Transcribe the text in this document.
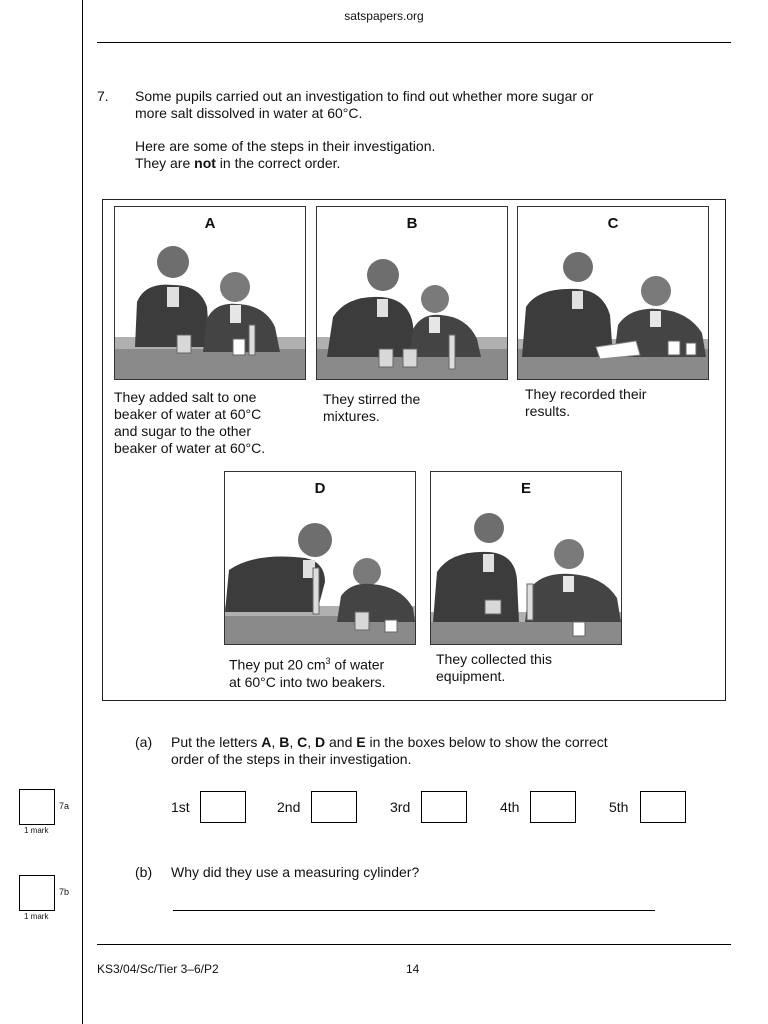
satspapers.org
7. Some pupils carried out an investigation to find out whether more sugar or
more salt dissolved in water at 60°C.
Here are some of the steps in their investigation.
They are not in the correct order.
A
They added salt to one
beaker of water at 60°C
and sugar to the other
beaker of water at 60°C.
B
They stirred the
mixtures.
C
They recorded their
results.
D
They put 20 $cm^3$ of water
at 60°C into two beakers.
E
They collected this
equipment.
(a) Put the letters A, B, C, D and E in the boxes below to show the correct
order of the steps in their investigation.
1st	2nd	3rd	4th	5th
(b) Why did they use a measuring cylinder?
7a
1 mark
7b
1 mark
KS3/04/Sc/Tier 3–6/P2	14
